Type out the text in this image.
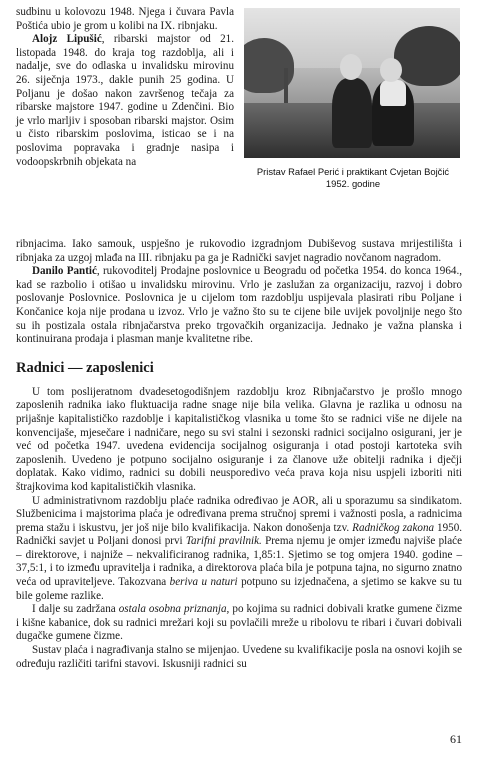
sudbinu u kolovozu 1948. Njega i čuvara Pavla Poštića ubio je grom u kolibi na IX. ribnjaku.

Alojz Lipušić, ribarski majstor od 21. listopada 1948. do kraja tog razdoblja, ali i nadalje, sve do odlaska u invalidsku mirovinu 26. siječnja 1973., dakle punih 25 godina. U Poljanu je došao nakon završenog tečaja za ribarske majstore 1947. godine u Zdenčini. Bio je vrlo marljiv i sposoban ribarski majstor. Osim u čisto ribarskim poslovima, isticao se i na poslovima popravaka i gradnje nasipa i vodoopskrbnih objekata na

Pristav Rafael Perić i praktikant Cvjetan Bojčić 1952. godine

ribnjacima. Iako samouk, uspješno je rukovodio izgradnjom Dubiševog sustava mrijestilišta i ribnjaka za uzgoj mlađa na III. ribnjaku pa ga je Radnički savjet nagradio novčanom nagradom.

Danilo Pantić, rukovoditelj Prodajne poslovnice u Beogradu od početka 1954. do konca 1964., kad se razbolio i otišao u invalidsku mirovinu. Vrlo je zaslužan za organizaciju, razvoj i dobro poslovanje Poslovnice. Poslovnica je u cijelom tom razdoblju uspijevala plasirati ribu Poljane i Končanice koja nije prodana u izvoz. Vrlo je važno što su te cijene bile uvijek povoljnije nego što su ih postizala ostala ribnjačarstva preko trgovačkih organizacija. Jednako je važna planska i kontinuirana prodaja i plasman manje kvalitetne ribe.

Radnici — zaposlenici

U tom poslijeratnom dvadesetogodišnjem razdoblju kroz Ribnjačarstvo je prošlo mnogo zaposlenih radnika iako fluktuacija radne snage nije bila velika. Glavna je razlika u odnosu na prijašnje kapitalističko razdoblje i kapitalističkog vlasnika u tome što se radnici više ne dijele na konvencijaše, mjesečare i nadničare, nego su svi stalni i sezonski radnici socijalno osigurani, jer je već od početka 1947. uvedena evidencija socijalnog osiguranja i otad postoji kartoteka svih zaposlenih. Uvedeno je potpuno socijalno osiguranje i za članove uže obitelji radnika i dječji doplatak. Kako vidimo, radnici su dobili neusporedivo veća prava koja nisu uspjeli izboriti niti štrajkovima kod kapitalističkih vlasnika.

U administrativnom razdoblju plaće radnika određivao je AOR, ali u sporazumu sa sindikatom. Službenicima i majstorima plaća je određivana prema stručnoj spremi i važnosti posla, a radnicima prema stažu i iskustvu, jer još nije bilo kvalifikacija. Nakon donošenja tzv. Radničkog zakona 1950. Radnički savjet u Poljani donosi prvi Tarifni pravilnik. Prema njemu je omjer između najviše plaće – direktorove, i najniže – nekvalificiranog radnika, 1,85:1. Sjetimo se tog omjera 1940. godine – 37,5:1, i to između upravitelja i radnika, a direktorova plaća bila je potpuna tajna, no sigurno znatno veća od upraviteljeve. Takozvana beriva u naturi potpuno su izjednačena, a sjetimo se kakve su tu bile goleme razlike.

I dalje su zadržana ostala osobna priznanja, po kojima su radnici dobivali kratke gumene čizme i kišne kabanice, dok su radnici mrežari koji su povlačili mreže u ribolovu te ribari i čuvari dobivali dugačke gumene čizme.

Sustav plaća i nagrađivanja stalno se mijenjao. Uvedene su kvalifikacije posla na osnovi kojih se određuju različiti tarifni stavovi. Iskusniji radnici su

61
